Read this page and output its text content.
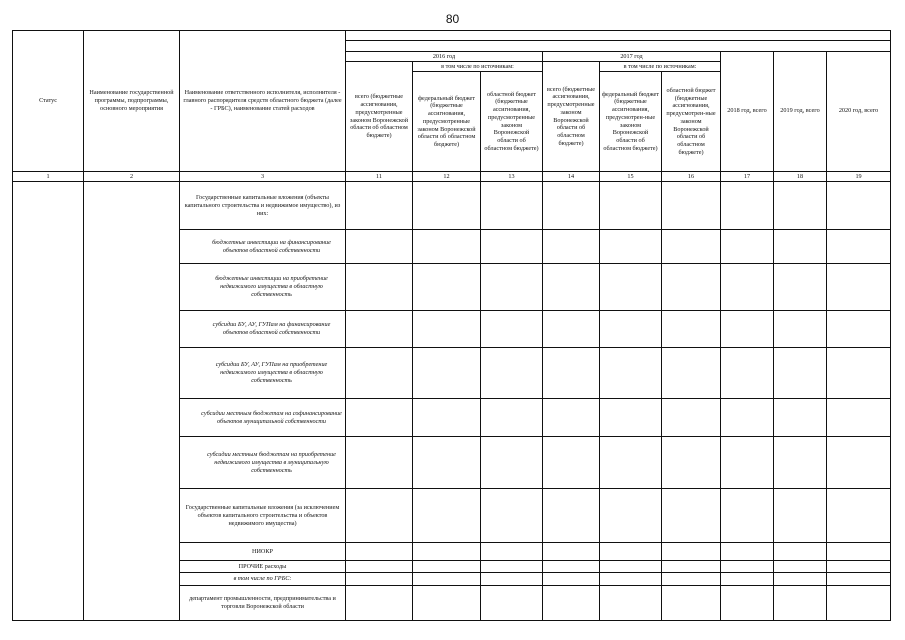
80
Статус	Наименование государственной программы, подпрограммы, основного мероприятия	Наименование ответственного исполнителя, исполнителя - главного распорядителя средств областного бюджета (далее - ГРБС), наименование статей расходов									

			2016 год			2017 год			2018 год, всего	2019 год, всего	2020 год, всего
			всего (бюджетные ассигнования, предусмотренные законом Воронежской области об областном бюджете)	в том числе по источникам:		всего (бюджетные ассигнования, предусмотренные законом Воронежской области об областном бюджете)	в том числе по источникам:				
				федеральный бюджет (бюджетные ассигнования, предусмотренные законом Воронежской области об областном бюджете)	областной бюджет (бюджетные ассигнования, предусмотренные законом Воронежской области об областном бюджете)		федеральный бюджет (бюджетные ассигнования, предусмотрен-ные законом Воронежской области об областном бюджете)	областной бюджет (бюджетные ассигнования, предусмотрен-ные законом Воронежской области об областном бюджете)			
1	2	3	11	12	13	14	15	16	17	18	19
		Государственные капитальные вложения (объекты капитального строительства и недвижимое имущество), из них:									
		бюджетные инвестиции на финансирование объектов областной собственности									
		бюджетные инвестиции на приобретение недвижимого имущества в областную собственность									
		субсидии БУ, АУ, ГУПам на финансирование объектов областной собственности									
		субсидии БУ, АУ, ГУПам на приобретение недвижимого имущества в областную собственность									
		субсидии местным бюджетам на софинансирование объектов муниципальной собственности									
		субсидии местным бюджетам на приобретение недвижимого имущества в муниципальную собственность									
		Государственные капитальные вложения (за исключением объектов капитального строительства и объектов недвижимого имущества)									
		НИОКР									
		ПРОЧИЕ расходы									
		в том числе по ГРБС:									
		департамент промышленности, предпринимательства и торговли Воронежской области									
